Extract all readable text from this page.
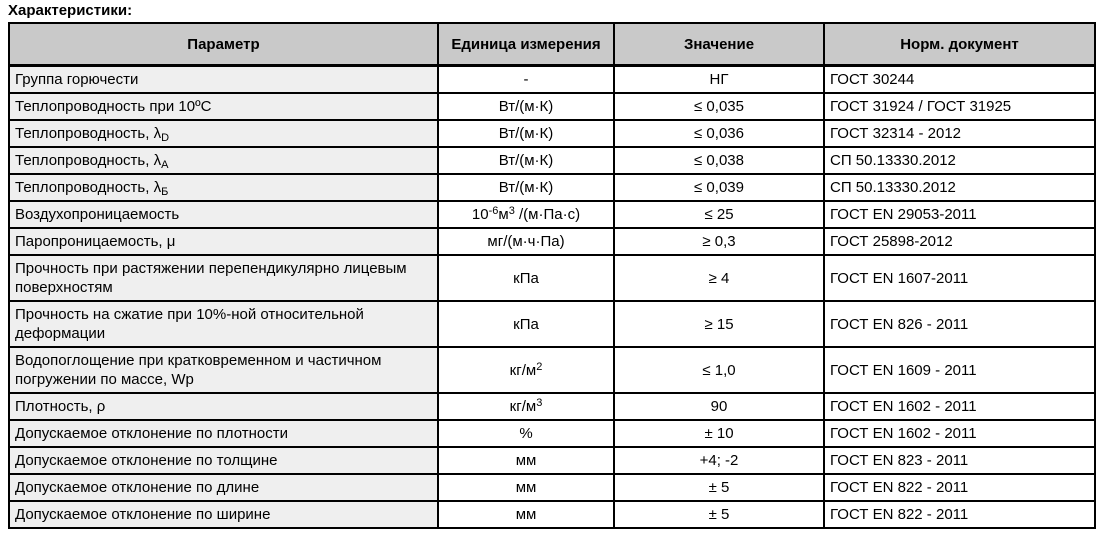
Характеристики:
Параметр	Единица измерения	Значение	Норм. документ
Группа горючести	-	НГ	ГОСТ 30244
Теплопроводность при 10ºС	Вт/(м·К)	≤ 0,035	ГОСТ 31924 / ГОСТ 31925
Теплопроводность, $\lambda_D$	Вт/(м·К)	≤ 0,036	ГОСТ 32314 - 2012
Теплопроводность, $\lambda_А$	Вт/(м·К)	≤ 0,038	СП 50.13330.2012
Теплопроводность, $\lambda_Б$	Вт/(м·К)	≤ 0,039	СП 50.13330.2012
Воздухопроницаемость	$10^{-6}м^3$ /(м·Па·с)	≤ 25	ГОСТ EN 29053-2011
Паропроницаемость, μ	мг/(м·ч·Па)	≥ 0,3	ГОСТ 25898-2012
Прочность при растяжении перепендикулярно лицевым поверхностям	кПа	≥ 4	ГОСТ EN 1607-2011
Прочность на сжатие при 10%-ной относительной деформации	кПа	≥ 15	ГОСТ EN 826 - 2011
Водопоглощение при кратковременном и частичном погружении по массе, Wp	$кг/м^2$	≤ 1,0	ГОСТ EN 1609 - 2011
Плотность, ρ	$кг/м^3$	90	ГОСТ EN 1602 - 2011
Допускаемое отклонение по плотности	%	± 10	ГОСТ EN 1602 - 2011
Допускаемое отклонение по толщине	мм	+4; -2	ГОСТ EN 823 - 2011
Допускаемое отклонение по длине	мм	± 5	ГОСТ EN 822 - 2011
Допускаемое отклонение по ширине	мм	± 5	ГОСТ EN 822 - 2011
